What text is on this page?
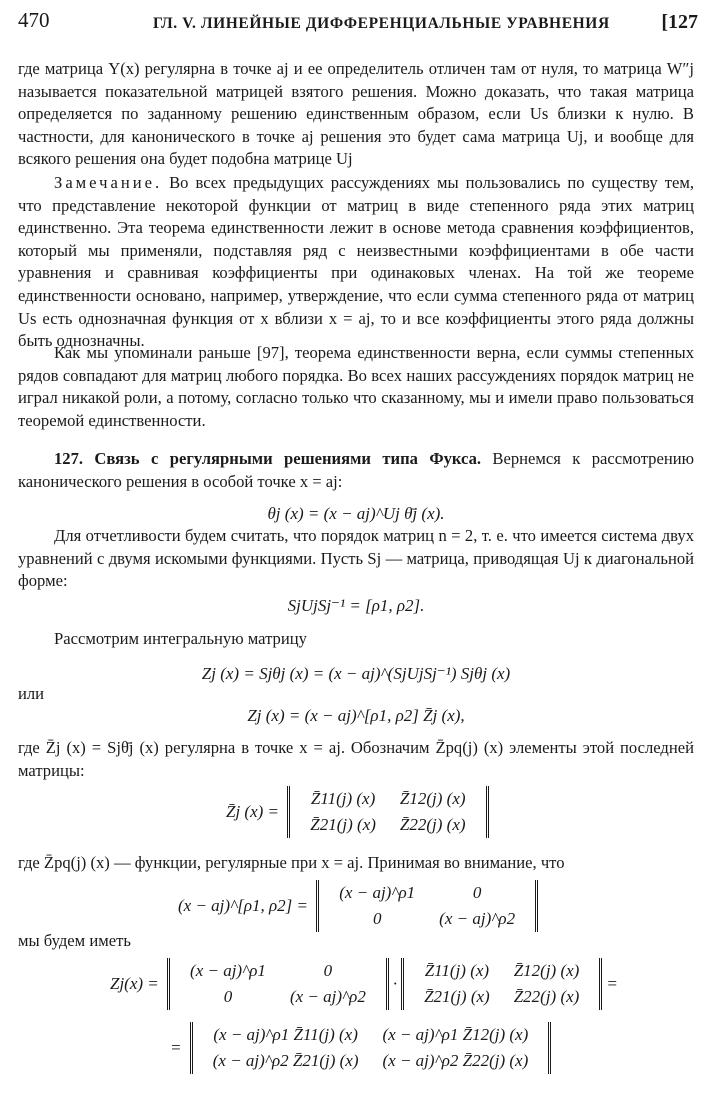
470	ГЛ. V. ЛИНЕЙНЫЕ ДИФФЕРЕНЦИАЛЬНЫЕ УРАВНЕНИЯ	[127

где матрица Y(x) регулярна в точке aj и ее определитель отличен там от нуля, то матрица W″j называется показательной матрицей взятого решения. Можно доказать, что такая матрица определяется по заданному решению единственным образом, если Us близки к нулю. В частности, для канонического в точке aj решения это будет сама матрица Uj, и вообще для всякого решения она будет подобна матрице Uj

Замечание. Во всех предыдущих рассуждениях мы пользовались по существу тем, что представление некоторой функции от матриц в виде степенного ряда этих матриц единственно. Эта теорема единственности лежит в основе метода сравнения коэффициентов, который мы применяли, подставляя ряд с неизвестными коэффициентами в обе части уравнения и сравнивая коэффициенты при одинаковых членах. На той же теореме единственности основано, например, утверждение, что если сумма степенного ряда от матриц Us есть однозначная функция от x вблизи x = aj, то и все коэффициенты этого ряда должны быть однозначны.

Как мы упоминали раньше [97], теорема единственности верна, если суммы степенных рядов совпадают для матриц любого порядка. Во всех наших рассуждениях порядок матриц не играл никакой роли, а потому, согласно только что сказанному, мы и имели право пользоваться теоремой единственности.

127. Связь с регулярными решениями типа Фукса. Вернемся к рассмотрению канонического решения в особой точке x = aj:

θj (x) = (x − aj)^Uj θ̄j (x).

Для отчетливости будем считать, что порядок матриц n = 2, т. е. что имеется система двух уравнений с двумя искомыми функциями. Пусть Sj — матрица, приводящая Uj к диагональной форме:

SjUjSj⁻¹ = [ρ1, ρ2].

Рассмотрим интегральную матрицу

Zj (x) = Sjθj (x) = (x − aj)^(SjUjSj⁻¹) Sjθj (x)
или
Zj (x) = (x − aj)^[ρ1, ρ2] Z̄j (x),

где Z̄j (x) = Sjθ̄j (x) регулярна в точке x = aj. Обозначим Z̄pq(j) (x) элементы этой последней матрицы:

Z̄j (x) =
Z̄11(j) (x)	Z̄12(j) (x)
Z̄21(j) (x)	Z̄22(j) (x)

где Z̄pq(j) (x) — функции, регулярные при x = aj. Принимая во внимание, что

(x − aj)^[ρ1, ρ2] =
(x − aj)^ρ1	0
0	(x − aj)^ρ2
мы будем иметь
Zj(x) =
(x − aj)^ρ1	0
0	(x − aj)^ρ2
·
Z̄11(j) (x)	Z̄12(j) (x)
Z̄21(j) (x)	Z̄22(j) (x)
=
=
(x − aj)^ρ1 Z̄11(j) (x)	(x − aj)^ρ1 Z̄12(j) (x)
(x − aj)^ρ2 Z̄21(j) (x)	(x − aj)^ρ2 Z̄22(j) (x)
